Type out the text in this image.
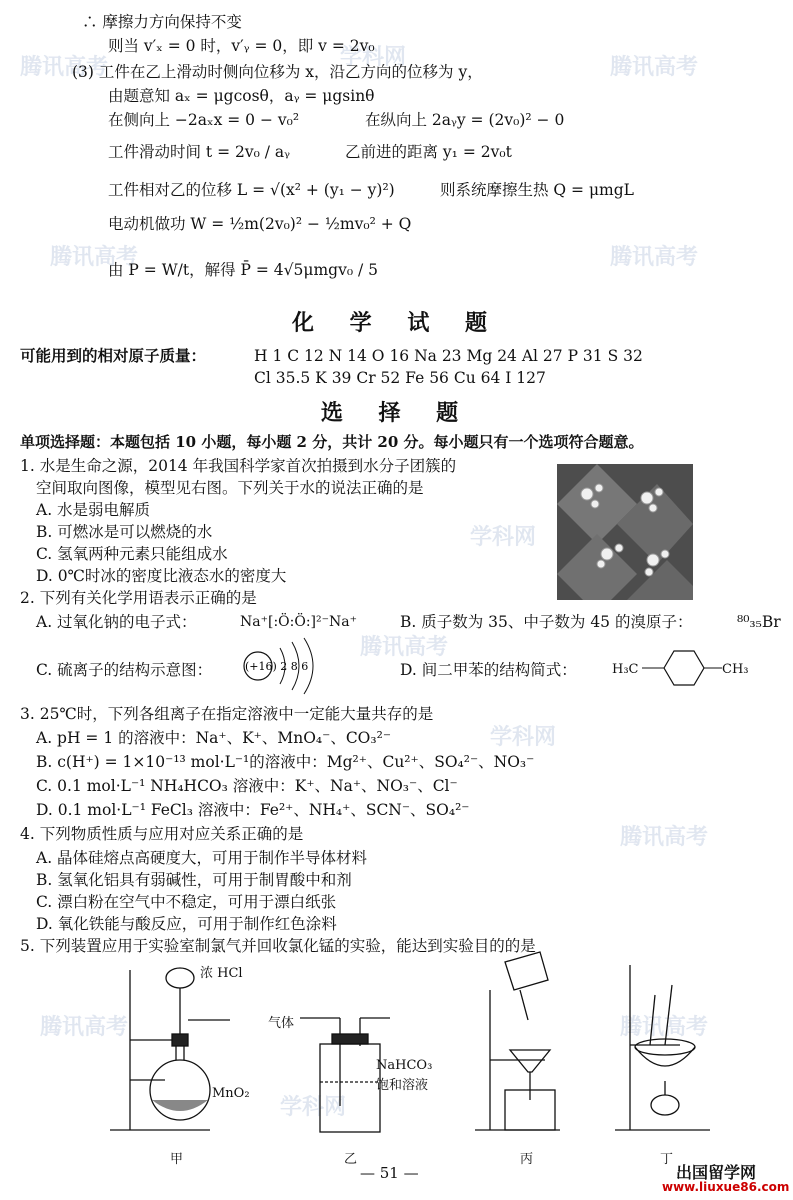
腾讯高考	学科网	腾讯高考
腾讯高考	腾讯高考
学科网
腾讯高考
腾讯高考
学科网
腾讯高考	腾讯高考
学科网
∴ 摩擦力方向保持不变
则当 v′ₓ = 0 时，v′ᵧ = 0，即 v = 2v₀
(3) 工件在乙上滑动时侧向位移为 x，沿乙方向的位移为 y，
由题意知 aₓ = μgcosθ，aᵧ = μgsinθ
在侧向上 −2aₓx = 0 − v₀²	在纵向上 2aᵧy = (2v₀)² − 0
工件滑动时间 t = 2v₀ / aᵧ	乙前进的距离 y₁ = 2v₀t
工件相对乙的位移 L = √(x² + (y₁ − y)²)	则系统摩擦生热 Q = μmgL
电动机做功 W = ½m(2v₀)² − ½mv₀² + Q
由 P = W/t，解得 P̄ = 4√5μmgv₀ / 5
化 学 试 题
可能用到的相对原子质量：	H 1 C 12 N 14 O 16 Na 23 Mg 24 Al 27 P 31 S 32
Cl 35.5 K 39 Cr 52 Fe 56 Cu 64 I 127
选 择 题
单项选择题：本题包括 10 小题，每小题 2 分，共计 20 分。每小题只有一个选项符合题意。
1. 水是生命之源，2014 年我国科学家首次拍摄到水分子团簇的
空间取向图像，模型见右图。下列关于水的说法正确的是
A. 水是弱电解质
B. 可燃冰是可以燃烧的水
C. 氢氧两种元素只能组成水
D. 0℃时冰的密度比液态水的密度大
2. 下列有关化学用语表示正确的是
A. 过氧化钠的电子式：	Na⁺[:Ö:Ö:]²⁻Na⁺	B. 质子数为 35、中子数为 45 的溴原子：	⁸⁰₃₅Br
C. 硫离子的结构示意图：	(+16) 2 8 6	D. 间二甲苯的结构简式：	H₃C	CH₃
3. 25℃时，下列各组离子在指定溶液中一定能大量共存的是
A. pH = 1 的溶液中：Na⁺、K⁺、MnO₄⁻、CO₃²⁻
B. c(H⁺) = 1×10⁻¹³ mol·L⁻¹的溶液中：Mg²⁺、Cu²⁺、SO₄²⁻、NO₃⁻
C. 0.1 mol·L⁻¹ NH₄HCO₃ 溶液中：K⁺、Na⁺、NO₃⁻、Cl⁻
D. 0.1 mol·L⁻¹ FeCl₃ 溶液中：Fe²⁺、NH₄⁺、SCN⁻、SO₄²⁻
4. 下列物质性质与应用对应关系正确的是
A. 晶体硅熔点高硬度大，可用于制作半导体材料
B. 氢氧化铝具有弱碱性，可用于制胃酸中和剂
C. 漂白粉在空气中不稳定，可用于漂白纸张
D. 氧化铁能与酸反应，可用于制作红色涂料
5. 下列装置应用于实验室制氯气并回收氯化锰的实验，能达到实验目的的是
浓 HCl
MnO₂
甲
气体
NaHCO₃
饱和溶液
乙	丙	丁
— 51 —	出国留学网
www.liuxue86.com
